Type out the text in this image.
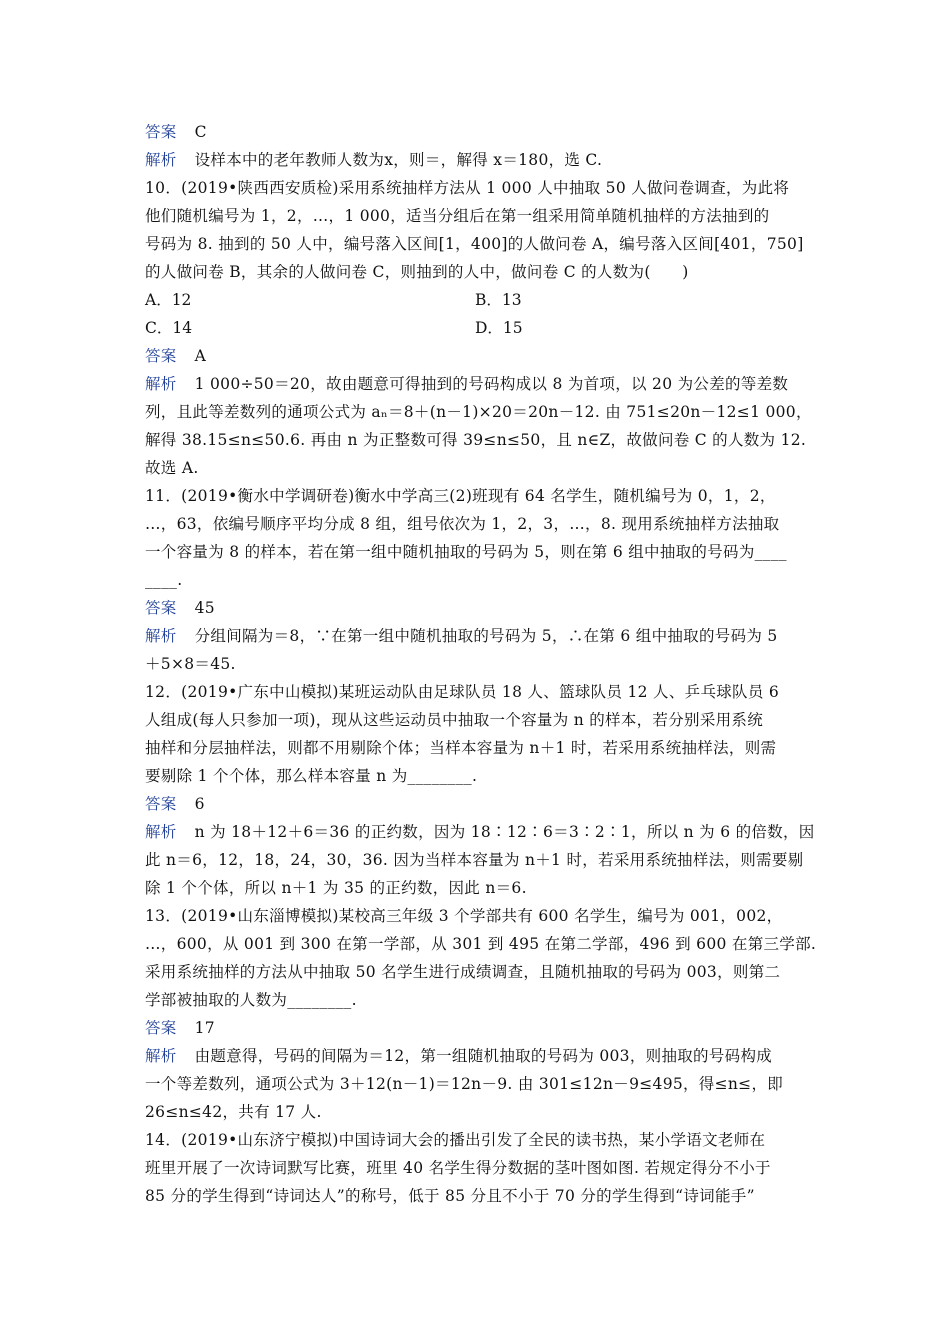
答案 C
解析 设样本中的老年教师人数为x，则＝，解得 x＝180，选 C.
10．(2019•陕西西安质检)采用系统抽样方法从 1 000 人中抽取 50 人做问卷调查，为此将
他们随机编号为 1，2，…，1 000，适当分组后在第一组采用简单随机抽样的方法抽到的
号码为 8. 抽到的 50 人中，编号落入区间[1，400]的人做问卷 A，编号落入区间[401，750]
的人做问卷 B，其余的人做问卷 C，则抽到的人中，做问卷 C 的人数为(　　)
A．12	B．13
C．14	D．15
答案 A
解析 1 000÷50＝20，故由题意可得抽到的号码构成以 8 为首项，以 20 为公差的等差数
列，且此等差数列的通项公式为 aₙ＝8＋(n－1)×20＝20n－12. 由 751≤20n－12≤1 000，
解得 38.15≤n≤50.6. 再由 n 为正整数可得 39≤n≤50，且 n∈Z，故做问卷 C 的人数为 12.
故选 A.
11．(2019•衡水中学调研卷)衡水中学高三(2)班现有 64 名学生，随机编号为 0，1，2，
…，63，依编号顺序平均分成 8 组，组号依次为 1，2，3，…，8. 现用系统抽样方法抽取
一个容量为 8 的样本，若在第一组中随机抽取的号码为 5，则在第 6 组中抽取的号码为____
____.
答案 45
解析 分组间隔为＝8，∵在第一组中随机抽取的号码为 5，∴在第 6 组中抽取的号码为 5
＋5×8＝45.
12．(2019•广东中山模拟)某班运动队由足球队员 18 人、篮球队员 12 人、乒乓球队员 6
人组成(每人只参加一项)，现从这些运动员中抽取一个容量为 n 的样本，若分别采用系统
抽样和分层抽样法，则都不用剔除个体；当样本容量为 n＋1 时，若采用系统抽样法，则需
要剔除 1 个个体，那么样本容量 n 为________.
答案 6
解析 n 为 18＋12＋6＝36 的正约数，因为 18∶12∶6＝3∶2∶1，所以 n 为 6 的倍数，因
此 n＝6，12，18，24，30，36. 因为当样本容量为 n＋1 时，若采用系统抽样法，则需要剔
除 1 个个体，所以 n＋1 为 35 的正约数，因此 n＝6.
13．(2019•山东淄博模拟)某校高三年级 3 个学部共有 600 名学生，编号为 001，002，
…，600，从 001 到 300 在第一学部，从 301 到 495 在第二学部，496 到 600 在第三学部.
采用系统抽样的方法从中抽取 50 名学生进行成绩调查，且随机抽取的号码为 003，则第二
学部被抽取的人数为________.
答案 17
解析 由题意得，号码的间隔为＝12，第一组随机抽取的号码为 003，则抽取的号码构成
一个等差数列，通项公式为 3＋12(n－1)＝12n－9. 由 301≤12n－9≤495，得≤n≤，即
26≤n≤42，共有 17 人.
14．(2019•山东济宁模拟)中国诗词大会的播出引发了全民的读书热，某小学语文老师在
班里开展了一次诗词默写比赛，班里 40 名学生得分数据的茎叶图如图. 若规定得分不小于
85 分的学生得到“诗词达人”的称号，低于 85 分且不小于 70 分的学生得到“诗词能手”
